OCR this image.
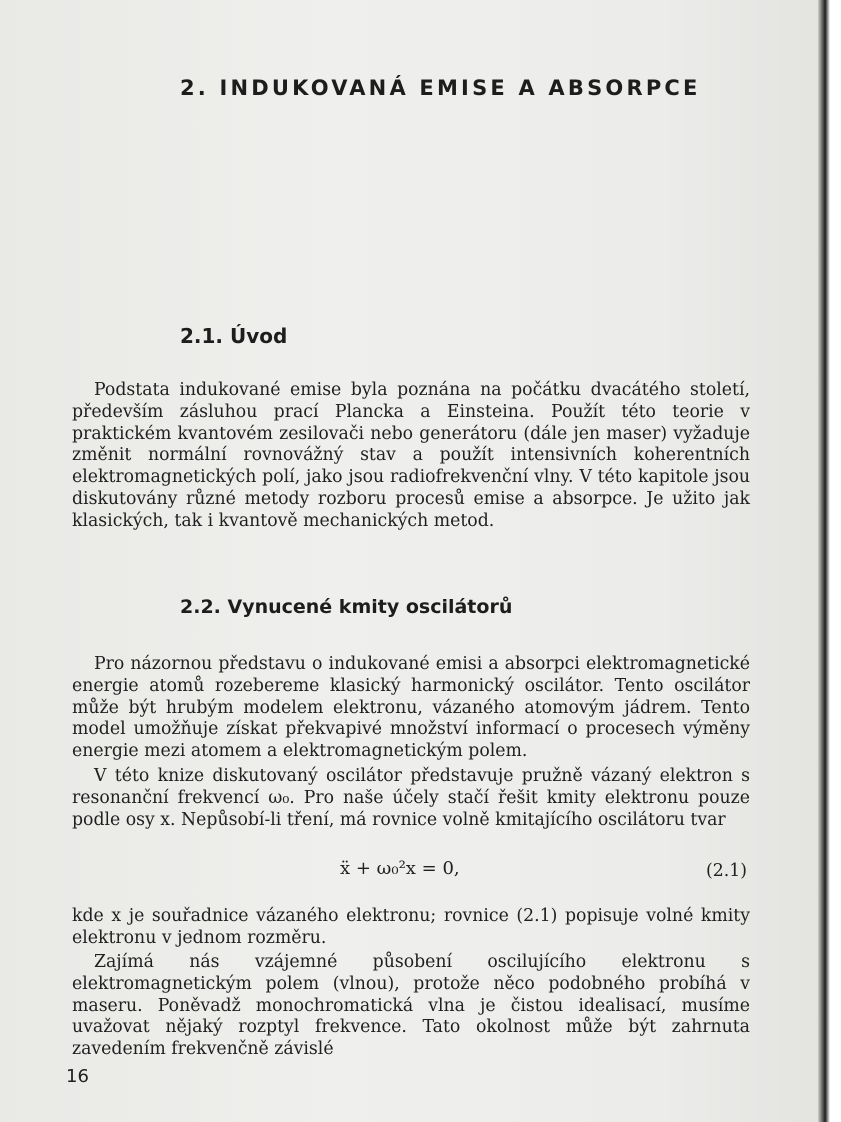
2. INDUKOVANÁ EMISE A ABSORPCE
2.1. Úvod

Podstata indukované emise byla poznána na počátku dvacátého století, především zásluhou prací Plancka a Einsteina. Použít této teorie v praktickém kvantovém zesilovači nebo generátoru (dále jen maser) vyžaduje změnit normální rovnovážný stav a použít intensivních koherentních elektromagnetických polí, jako jsou radiofrekvenční vlny. V této kapitole jsou diskutovány různé metody rozboru procesů emise a absorpce. Je užito jak klasických, tak i kvantově mechanických metod.

2.2. Vynucené kmity oscilátorů

Pro názornou představu o indukované emisi a absorpci elektromagnetické energie atomů rozebereme klasický harmonický oscilátor. Tento oscilátor může být hrubým modelem elektronu, vázaného atomovým jádrem. Tento model umožňuje získat překvapivé množství informací o procesech výměny energie mezi atomem a elektromagnetickým polem.

V této knize diskutovaný oscilátor představuje pružně vázaný elektron s resonanční frekvencí ω₀. Pro naše účely stačí řešit kmity elektronu pouze podle osy x. Nepůsobí-li tření, má rovnice volně kmitajícího oscilátoru tvar

ẍ + ω₀²x = 0,	(2.1)

kde x je souřadnice vázaného elektronu; rovnice (2.1) popisuje volné kmity elektronu v jednom rozměru.

Zajímá nás vzájemné působení oscilujícího elektronu s elektromagnetickým polem (vlnou), protože něco podobného probíhá v maseru. Poněvadž monochromatická vlna je čistou idealisací, musíme uvažovat nějaký rozptyl frekvence. Tato okolnost může být zahrnuta zavedením frekvenčně závislé

16
